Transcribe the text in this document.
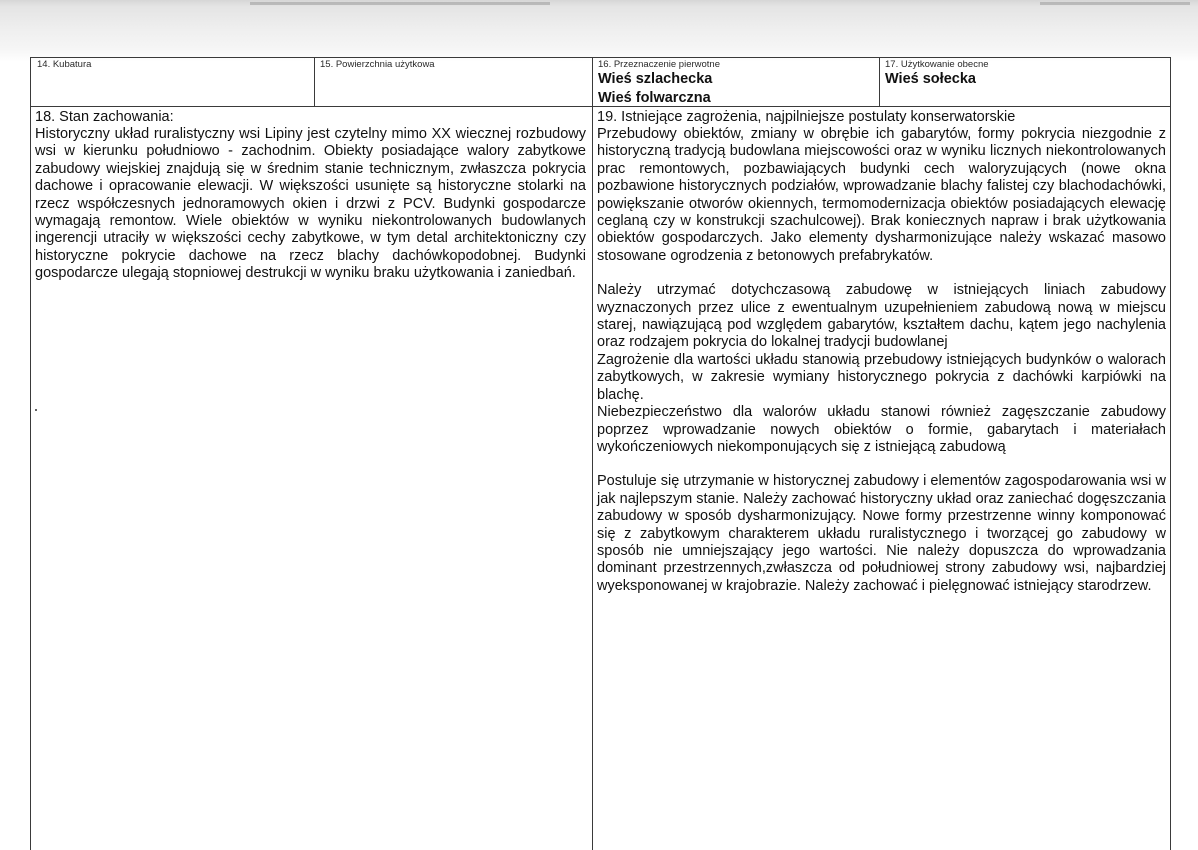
14. Kubatura	15. Powierzchnia użytkowa	16. Przeznaczenie pierwotne
Wieś szlachecka
Wieś folwarczna
17. Użytkowanie obecne
Wieś sołecka
18. Stan zachowania:

Historyczny układ ruralistyczny wsi Lipiny jest czytelny mimo XX wiecznej rozbudowy wsi w kierunku południowo - zachodnim. Obiekty posiadające walory zabytkowe zabudowy wiejskiej znajdują się w średnim stanie technicznym, zwłaszcza pokrycia dachowe i opracowanie elewacji. W większości usunięte są historyczne stolarki na rzecz współczesnych jednoramowych okien i drzwi z PCV. Budynki gospodarcze wymagają remontow. Wiele obiektów w wyniku niekontrolowanych budowlanych ingerencji utraciły w większości cechy zabytkowe, w tym detal architektoniczny czy historyczne pokrycie dachowe na rzecz blachy dachówkopodobnej. Budynki gospodarcze ulegają stopniowej destrukcji w wyniku braku użytkowania i zaniedbań.

19. Istniejące zagrożenia, najpilniejsze postulaty konserwatorskie

Przebudowy obiektów, zmiany w obrębie ich gabarytów, formy pokrycia niezgodnie z historyczną tradycją budowlana miejscowości oraz w wyniku licznych niekontrolowanych prac remontowych, pozbawiających budynki cech waloryzujących (nowe okna pozbawione historycznych podziałów, wprowadzanie blachy falistej czy blachodachówki, powiększanie otworów okiennych, termomodernizacja obiektów posiadających elewację ceglaną czy w konstrukcji szachulcowej). Brak koniecznych napraw i brak użytkowania obiektów gospodarczych. Jako elementy dysharmonizujące należy wskazać masowo stosowane ogrodzenia z betonowych prefabrykatów.

Należy utrzymać dotychczasową zabudowę w istniejących liniach zabudowy wyznaczonych przez ulice z ewentualnym uzupełnieniem zabudową nową w miejscu starej, nawiązującą pod względem gabarytów, kształtem dachu, kątem jego nachylenia oraz rodzajem pokrycia do lokalnej tradycji budowlanej

Zagrożenie dla wartości układu stanowią przebudowy istniejących budynków o walorach zabytkowych, w zakresie wymiany historycznego pokrycia z dachówki karpiówki na blachę.

Niebezpieczeństwo dla walorów układu stanowi również zagęszczanie zabudowy poprzez wprowadzanie nowych obiektów o formie, gabarytach i materiałach wykończeniowych niekomponujących się z istniejącą zabudową

Postuluje się utrzymanie w historycznej zabudowy i elementów zagospodarowania wsi w jak najlepszym stanie. Należy zachować historyczny układ oraz zaniechać dogęszczania zabudowy w sposób dysharmonizujący. Nowe formy przestrzenne winny komponować się z zabytkowym charakterem układu ruralistycznego i tworzącej go zabudowy w sposób nie umniejszający jego wartości. Nie należy dopuszcza do wprowadzania dominant przestrzennych,zwłaszcza od południowej strony zabudowy wsi, najbardziej wyeksponowanej w krajobrazie. Należy zachować i pielęgnować istniejący starodrzew.
